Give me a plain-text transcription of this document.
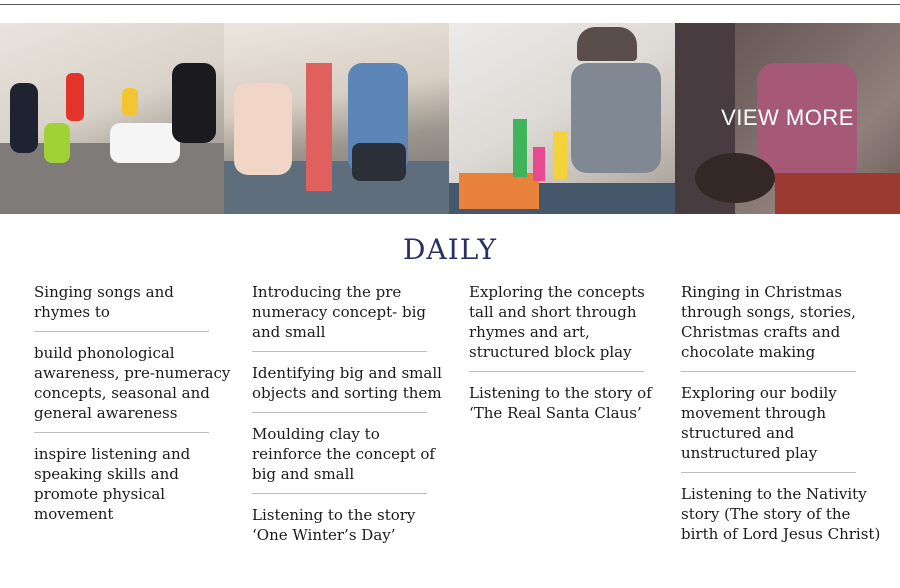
VIEW MORE
DAILY
Singing songs and rhymes to
build phonological awareness, pre-numeracy concepts, seasonal and general awareness
inspire listening and speaking skills and promote physical movement
Introducing the pre numeracy concept- big and small
Identifying big and small objects and sorting them
Moulding clay to reinforce the concept of big and small
Listening to the story ‘One Winter’s Day’
Exploring the concepts tall and short through rhymes and art, structured block play
Listening to the story of ‘The Real Santa Claus’
Ringing in Christmas through songs, stories, Christmas crafts and chocolate making
Exploring our bodily movement through structured and unstructured play
Listening to the Nativity story (The story of the birth of Lord Jesus Christ)
